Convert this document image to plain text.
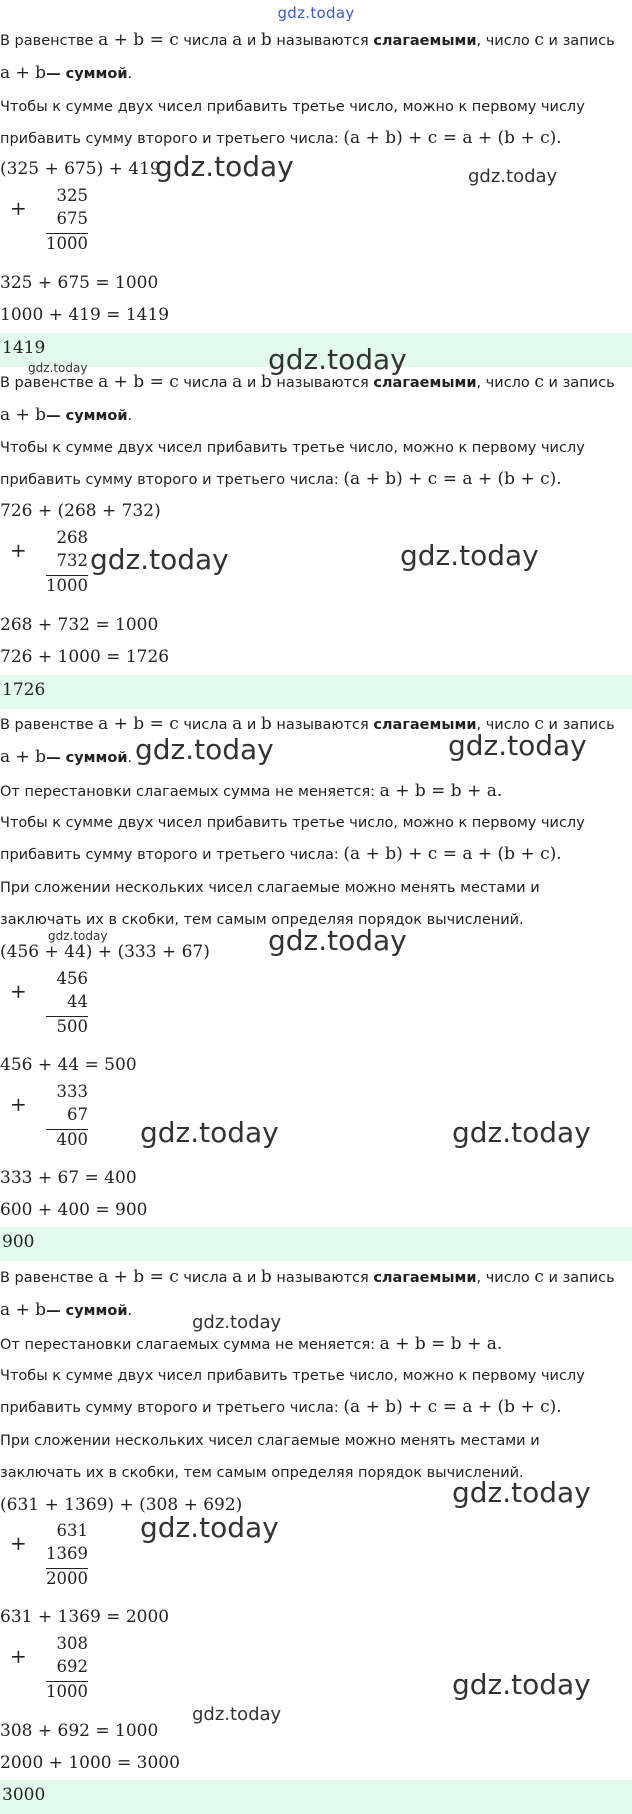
gdz.today
В равенстве a + b = c числа a и b называются слагаемыми, число c и запись
a + b— суммой.
Чтобы к сумме двух чисел прибавить третье число, можно к первому числу
прибавить сумму второго и третьего числа: (a + b) + c = a + (b + c).
(325 + 675) + 419
+
325
675
1000
325 + 675 = 1000
1000 + 419 = 1419
1419
В равенстве a + b = c числа a и b называются слагаемыми, число c и запись
a + b— суммой.
Чтобы к сумме двух чисел прибавить третье число, можно к первому числу
прибавить сумму второго и третьего числа: (a + b) + c = a + (b + c).
726 + (268 + 732)
+
268
732
1000
268 + 732 = 1000
726 + 1000 = 1726
1726
В равенстве a + b = c числа a и b называются слагаемыми, число c и запись
a + b— суммой.
От перестановки слагаемых сумма не меняется: a + b = b + a.
Чтобы к сумме двух чисел прибавить третье число, можно к первому числу
прибавить сумму второго и третьего числа: (a + b) + c = a + (b + c).
При сложении нескольких чисел слагаемые можно менять местами и
заключать их в скобки, тем самым определяя порядок вычислений.
(456 + 44) + (333 + 67)
+
456
44
500
456 + 44 = 500
+
333
67
400
333 + 67 = 400
600 + 400 = 900
900
В равенстве a + b = c числа a и b называются слагаемыми, число c и запись
a + b— суммой.
От перестановки слагаемых сумма не меняется: a + b = b + a.
Чтобы к сумме двух чисел прибавить третье число, можно к первому числу
прибавить сумму второго и третьего числа: (a + b) + c = a + (b + c).
При сложении нескольких чисел слагаемые можно менять местами и
заключать их в скобки, тем самым определяя порядок вычислений.
(631 + 1369) + (308 + 692)
+
631
1369
2000
631 + 1369 = 2000
+
308
692
1000
308 + 692 = 1000
2000 + 1000 = 3000
3000
gdz.today	gdz.today
gdz.today
gdz.today
gdz.today	gdz.today
gdz.today	gdz.today
gdz.today
gdz.today
gdz.today	gdz.today
gdz.today
gdz.today
gdz.today
gdz.today
gdz.today
